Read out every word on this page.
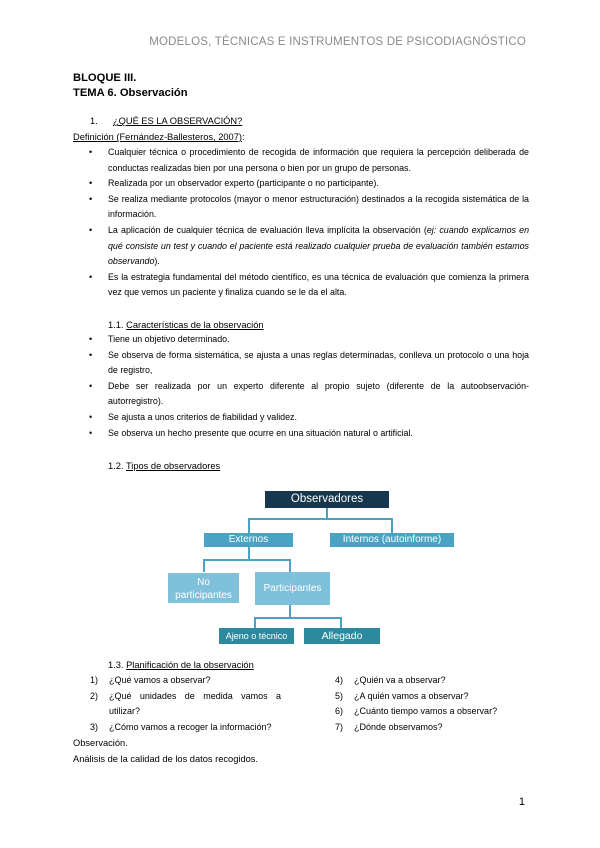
MODELOS, TÉCNICAS E INSTRUMENTOS DE PSICODIAGNÓSTICO
BLOQUE III.
TEMA 6. Observación
1. ¿QUÉ ES LA OBSERVACIÓN?
Definición (Fernández-Ballesteros, 2007):
• Cualquier técnica o procedimiento de recogida de información que requiera la percepción deliberada de conductas realizadas bien por una persona o bien por un grupo de personas.
• Realizada por un observador experto (participante o no participante).
• Se realiza mediante protocolos (mayor o menor estructuración) destinados a la recogida sistemática de la información.
• La aplicación de cualquier técnica de evaluación lleva implícita la observación (ej: cuando explicamos en qué consiste un test y cuando el paciente está realizado cualquier prueba de evaluación también estamos observando).
• Es la estrategia fundamental del método científico, es una técnica de evaluación que comienza la primera vez que vemos un paciente y finaliza cuando se le da el alta.
1.1. Características de la observación
• Tiene un objetivo determinado.
• Se observa de forma sistemática, se ajusta a unas reglas determinadas, conlleva un protocolo o una hoja de registro,
• Debe ser realizada por un experto diferente al propio sujeto (diferente de la autoobservación-autorregistro).
• Se ajusta a unos criterios de fiabilidad y validez.
• Se observa un hecho presente que ocurre en una situación natural o artificial.
1.2. Tipos de observadores
Observadores
Externos	Internos (autoinforme)
No participantes
Participantes
Ajeno o técnico	Allegado
1.3. Planificación de la observación
1) ¿Qué vamos a observar?
2) ¿Qué unidades de medida vamos a utilizar?
3) ¿Cómo vamos a recoger la información?
4) ¿Quién va a observar?
5) ¿A quién vamos a observar?
6) ¿Cuánto tiempo vamos a observar?
7) ¿Dónde observamos?
Observación.
Análisis de la calidad de los datos recogidos.
1
